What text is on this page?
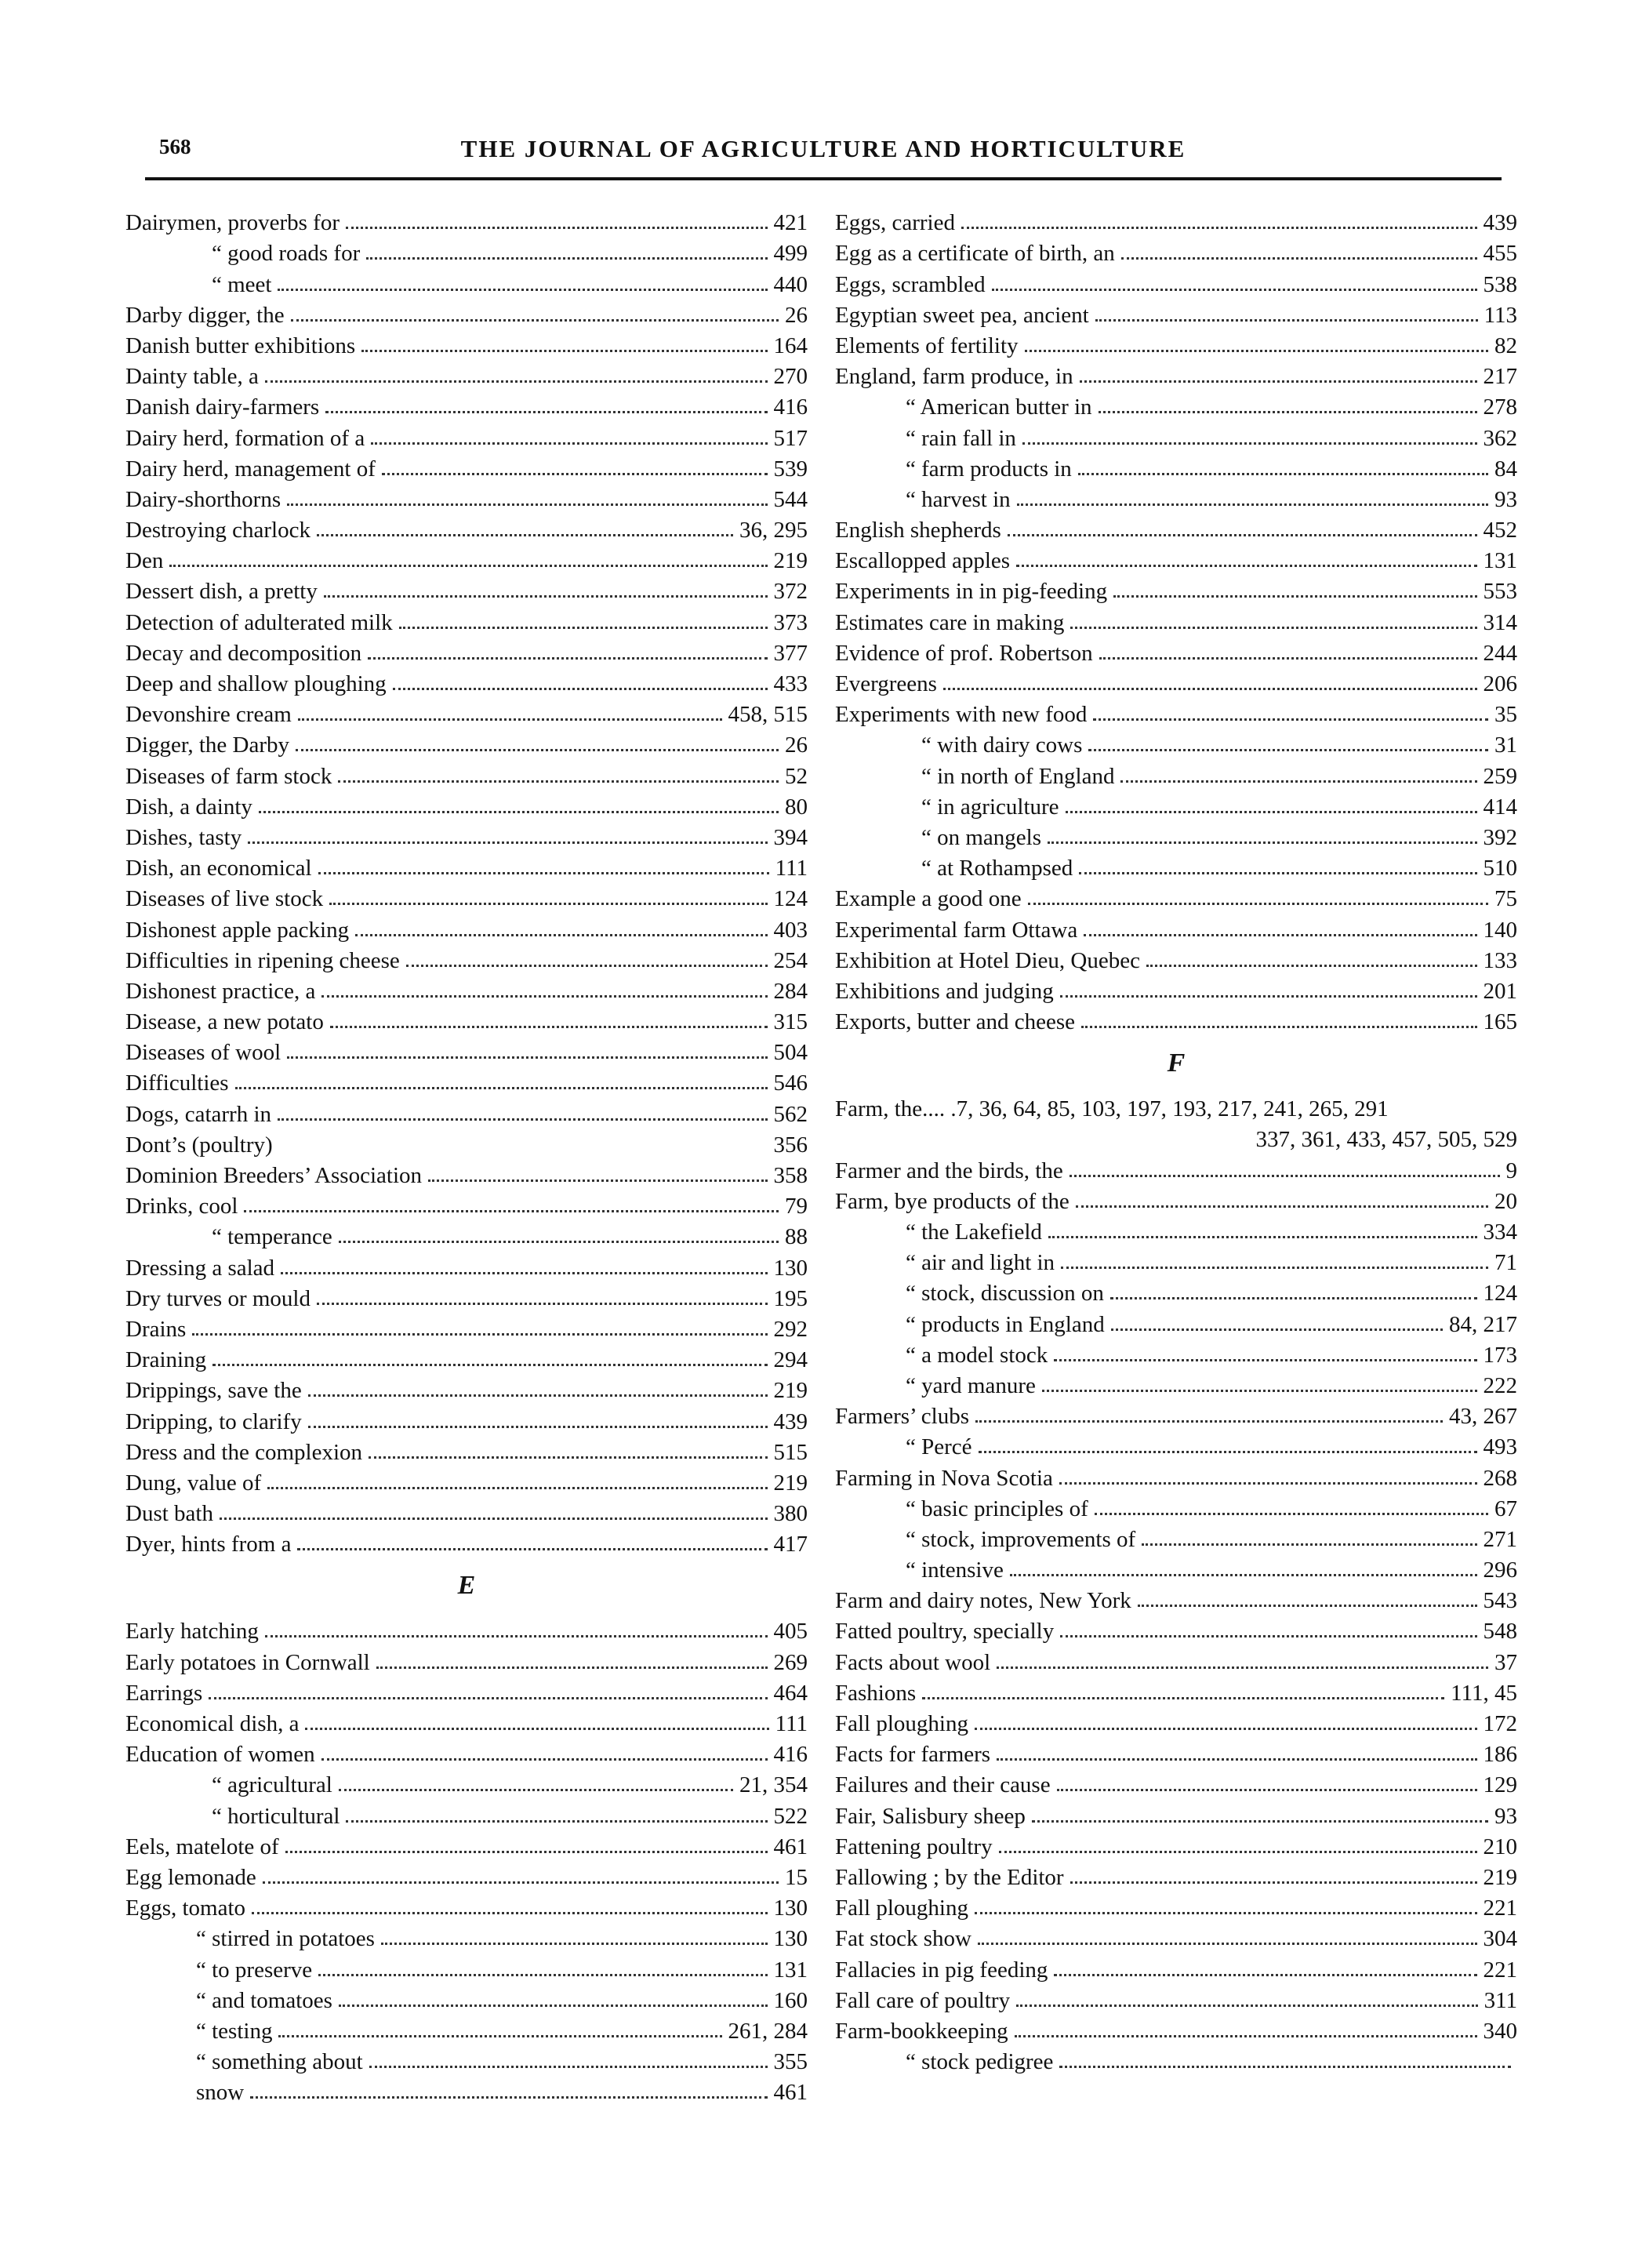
568	THE JOURNAL OF AGRICULTURE AND HORTICULTURE
Dairymen, proverbs for	421
“ good roads for	499
“ meet	440
Darby digger, the	26
Danish butter exhibitions	164
Dainty table, a	270
Danish dairy-farmers	416
Dairy herd, formation of a	517
Dairy herd, management of	539
Dairy-shorthorns	544
Destroying charlock	36, 295
Den	219
Dessert dish, a pretty	372
Detection of adulterated milk	373
Decay and decomposition	377
Deep and shallow ploughing	433
Devonshire cream	458, 515
Digger, the Darby	26
Diseases of farm stock	52
Dish, a dainty	80
Dishes, tasty	394
Dish, an economical	111
Diseases of live stock	124
Dishonest apple packing	403
Difficulties in ripening cheese	254
Dishonest practice, a	284
Disease, a new potato	315
Diseases of wool	504
Difficulties	546
Dogs, catarrh in	562
Dont’s (poultry)	356
Dominion Breeders’ Association	358
Drinks, cool	79
“ temperance	88
Dressing a salad	130
Dry turves or mould	195
Drains	292
Draining	294
Drippings, save the	219
Dripping, to clarify	439
Dress and the complexion	515
Dung, value of	219
Dust bath	380
Dyer, hints from a	417
E
Early hatching	405
Early potatoes in Cornwall	269
Earrings	464
Economical dish, a	111
Education of women	416
“ agricultural	21, 354
“ horticultural	522
Eels, matelote of	461
Egg lemonade	15
Eggs, tomato	130
“ stirred in potatoes	130
“ to preserve	131
“ and tomatoes	160
“ testing	261, 284
“ something about	355
snow	461
Eggs, carried	439
Egg as a certificate of birth, an	455
Eggs, scrambled	538
Egyptian sweet pea, ancient	113
Elements of fertility	82
England, farm produce, in	217
“ American butter in	278
“ rain fall in	362
“ farm products in	84
“ harvest in	93
English shepherds	452
Escallopped apples	131
Experiments in in pig-feeding	553
Estimates care in making	314
Evidence of prof. Robertson	244
Evergreens	206
Experiments with new food	35
“ with dairy cows	31
“ in north of England	259
“ in agriculture	414
“ on mangels	392
“ at Rothampsed	510
Example a good one	75
Experimental farm Ottawa	140
Exhibition at Hotel Dieu, Quebec	133
Exhibitions and judging	201
Exports, butter and cheese	165
F
Farm, the.... .7, 36, 64, 85, 103, 197, 193, 217, 241, 265, 291
337, 361, 433, 457, 505, 529
Farmer and the birds, the	9
Farm, bye products of the	20
“ the Lakefield	334
“ air and light in	71
“ stock, discussion on	124
“ products in England	84, 217
“ a model stock	173
“ yard manure	222
Farmers’ clubs	43, 267
“ Percé	493
Farming in Nova Scotia	268
“ basic principles of	67
“ stock, improvements of	271
“ intensive	296
Farm and dairy notes, New York	543
Fatted poultry, specially	548
Facts about wool	37
Fashions	111, 45
Fall ploughing	172
Facts for farmers	186
Failures and their cause	129
Fair, Salisbury sheep	93
Fattening poultry	210
Fallowing ; by the Editor	219
Fall ploughing	221
Fat stock show	304
Fallacies in pig feeding	221
Fall care of poultry	311
Farm-bookkeeping	340
“ stock pedigree
